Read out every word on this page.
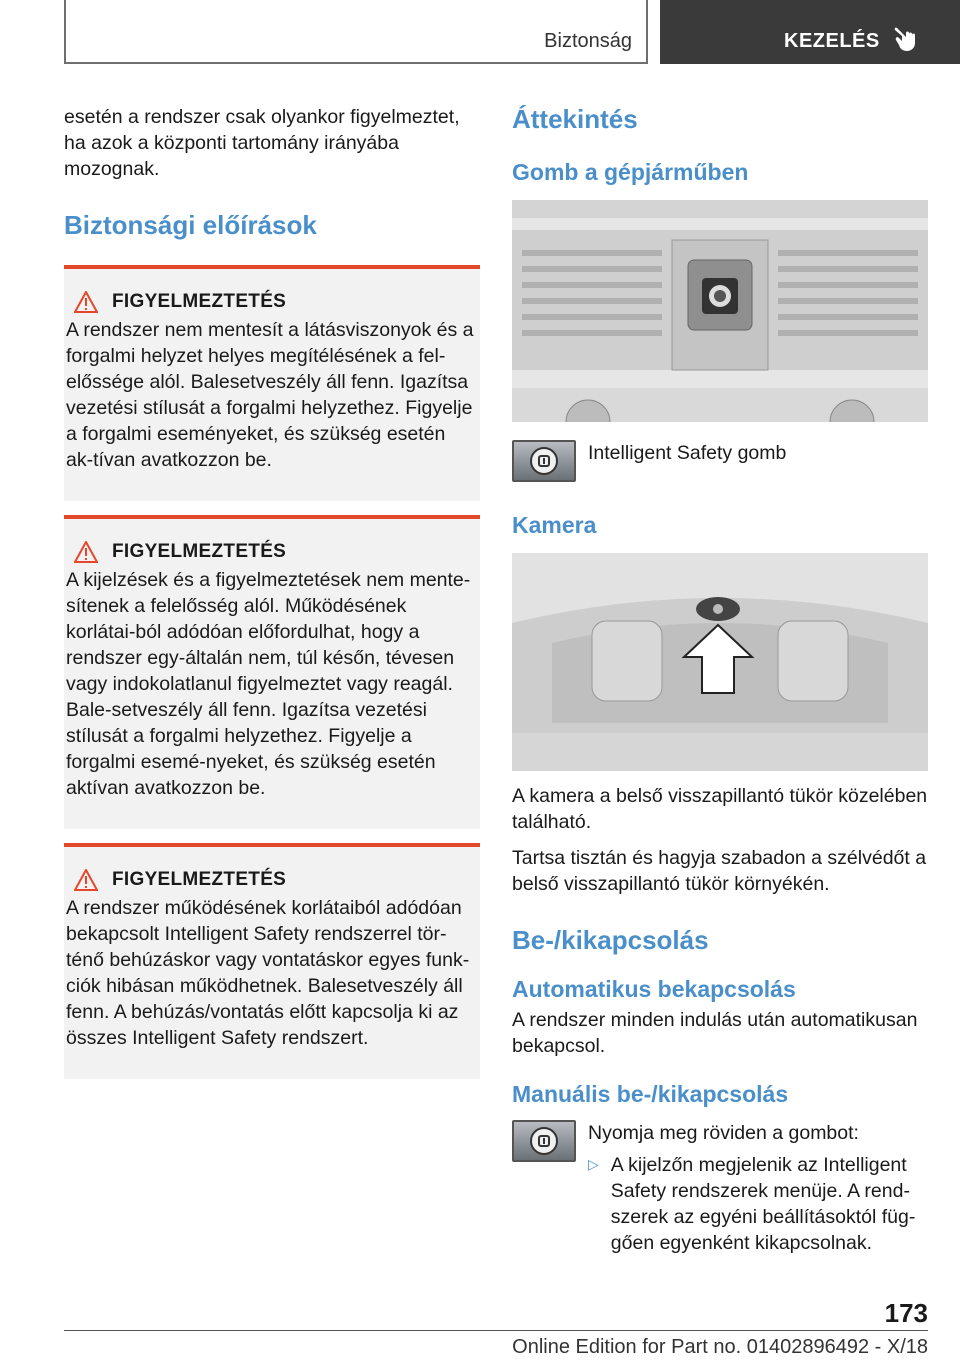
Biztonság	KEZELÉS

esetén a rendszer csak olyankor figyelmeztet, ha azok a központi tartomány irányába mozognak.

Biztonsági előírások
FIGYELMEZTETÉS

A rendszer nem mentesít a látásviszonyok és a forgalmi helyzet helyes megítélésének a fel-előssége alól. Balesetveszély áll fenn. Igazítsa vezetési stílusát a forgalmi helyzethez. Figyelje a forgalmi eseményeket, és szükség esetén ak-tívan avatkozzon be.

FIGYELMEZTETÉS

A kijelzések és a figyelmeztetések nem mente-sítenek a felelősség alól. Működésének korlátai-ból adódóan előfordulhat, hogy a rendszer egy-általán nem, túl későn, tévesen vagy indokolatlanul figyelmeztet vagy reagál. Bale-setveszély áll fenn. Igazítsa vezetési stílusát a forgalmi helyzethez. Figyelje a forgalmi esemé-nyeket, és szükség esetén aktívan avatkozzon be.

FIGYELMEZTETÉS

A rendszer működésének korlátaiból adódóan bekapcsolt Intelligent Safety rendszerrel tör-ténő behúzáskor vagy vontatáskor egyes funk-ciók hibásan működhetnek. Balesetveszély áll fenn. A behúzás/vontatás előtt kapcsolja ki az összes Intelligent Safety rendszert.

Áttekintés
Gomb a gépjárműben

Intelligent Safety gomb

Kamera

A kamera a belső visszapillantó tükör közelében található.

Tartsa tisztán és hagyja szabadon a szélvédőt a belső visszapillantó tükör környékén.

Be-/kikapcsolás
Automatikus bekapcsolás

A rendszer minden indulás után automatikusan bekapcsol.

Manuális be-/kikapcsolás

Nyomja meg röviden a gombot:

▷ A kijelzőn megjelenik az Intelligent Safety rendszerek menüje. A rend-szerek az egyéni beállításoktól füg-gően egyenként kikapcsolnak.

173
Online Edition for Part no. 01402896492 - X/18
